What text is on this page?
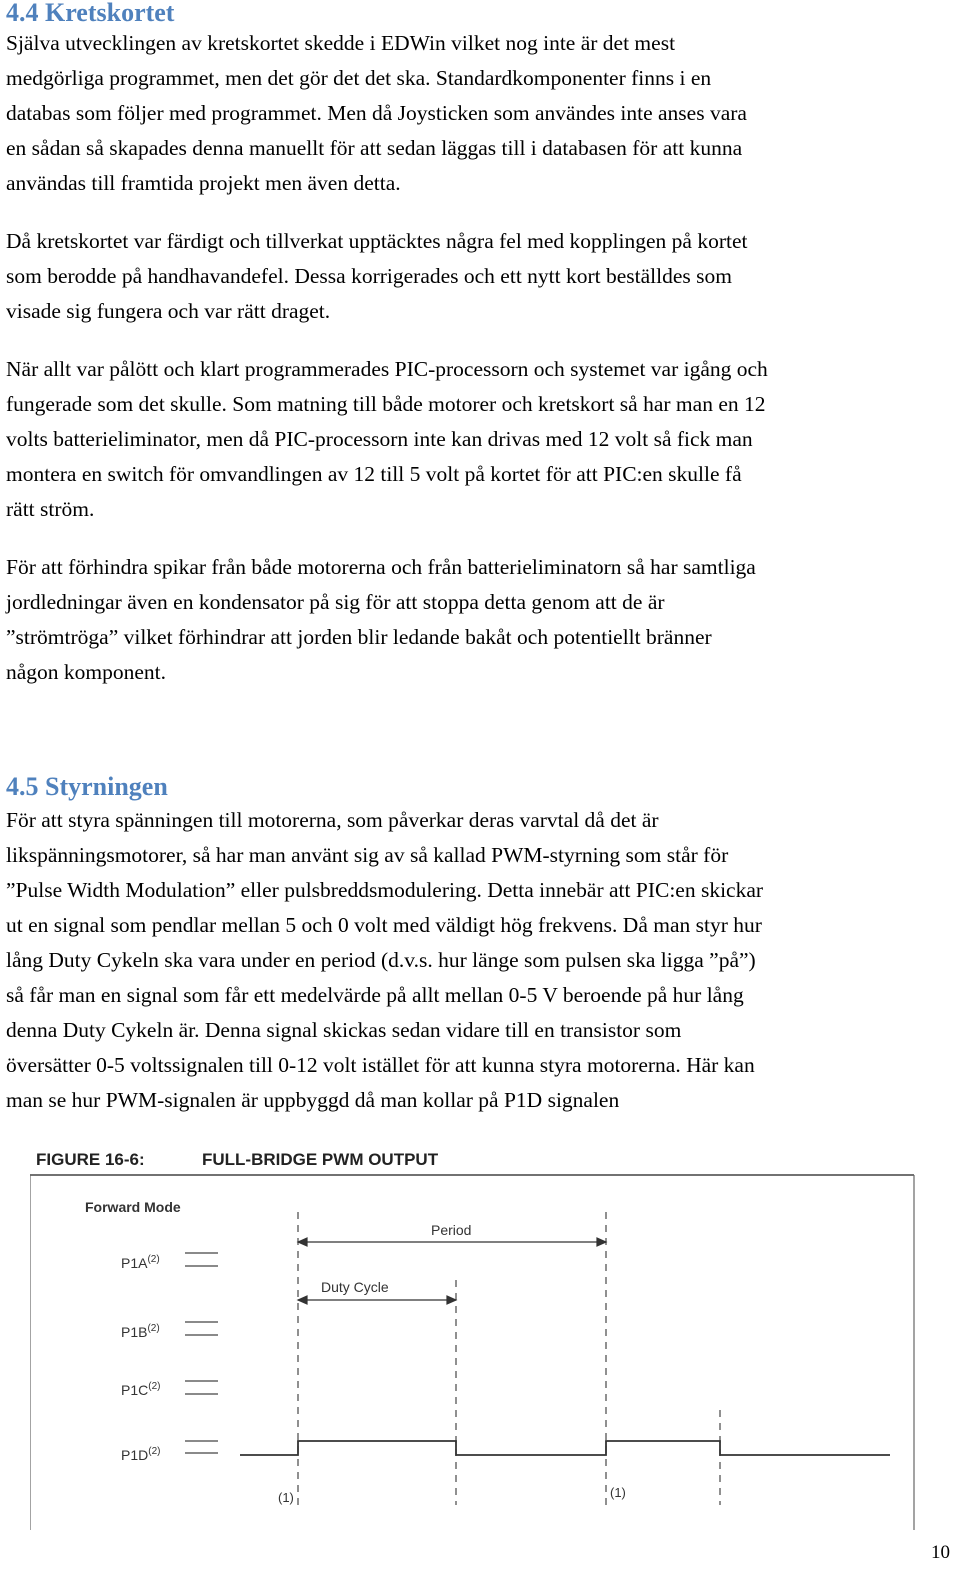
4.4 Kretskortet

Själva utvecklingen av kretskortet skedde i EDWin vilket nog inte är det mest
medgörliga programmet, men det gör det det ska. Standardkomponenter finns i en
databas som följer med programmet. Men då Joysticken som användes inte anses vara
en sådan så skapades denna manuellt för att sedan läggas till i databasen för att kunna
användas till framtida projekt men även detta.

Då kretskortet var färdigt och tillverkat upptäcktes några fel med kopplingen på kortet
som berodde på handhavandefel. Dessa korrigerades och ett nytt kort beställdes som
visade sig fungera och var rätt draget.

När allt var pålött och klart programmerades PIC-processorn och systemet var igång och
fungerade som det skulle. Som matning till både motorer och kretskort så har man en 12
volts batterieliminator, men då PIC-processorn inte kan drivas med 12 volt så fick man
montera en switch för omvandlingen av 12 till 5 volt på kortet för att PIC:en skulle få
rätt ström.

För att förhindra spikar från både motorerna och från batterieliminatorn så har samtliga
jordledningar även en kondensator på sig för att stoppa detta genom att de är
”strömtröga” vilket förhindrar att jorden blir ledande bakåt och potentiellt bränner
någon komponent.

4.5 Styrningen

För att styra spänningen till motorerna, som påverkar deras varvtal då det är
likspänningsmotorer, så har man använt sig av så kallad PWM-styrning som står för
”Pulse Width Modulation” eller pulsbreddsmodulering. Detta innebär att PIC:en skickar
ut en signal som pendlar mellan 5 och 0 volt med väldigt hög frekvens. Då man styr hur
lång Duty Cykeln ska vara under en period (d.v.s. hur länge som pulsen ska ligga ”på”)
så får man en signal som får ett medelvärde på allt mellan 0-5 V beroende på hur lång
denna Duty Cykeln är. Denna signal skickas sedan vidare till en transistor som
översätter 0-5 voltssignalen till 0-12 volt istället för att kunna styra motorerna. Här kan
man se hur PWM-signalen är uppbyggd då man kollar på P1D signalen

FIGURE 16-6:	FULL-BRIDGE PWM OUTPUT
Forward Mode
Period
Duty Cycle
$P1A^{(2)}$
$P1B^{(2)}$
$P1C^{(2)}$
$P1D^{(2)}$
(1)	(1)

10
